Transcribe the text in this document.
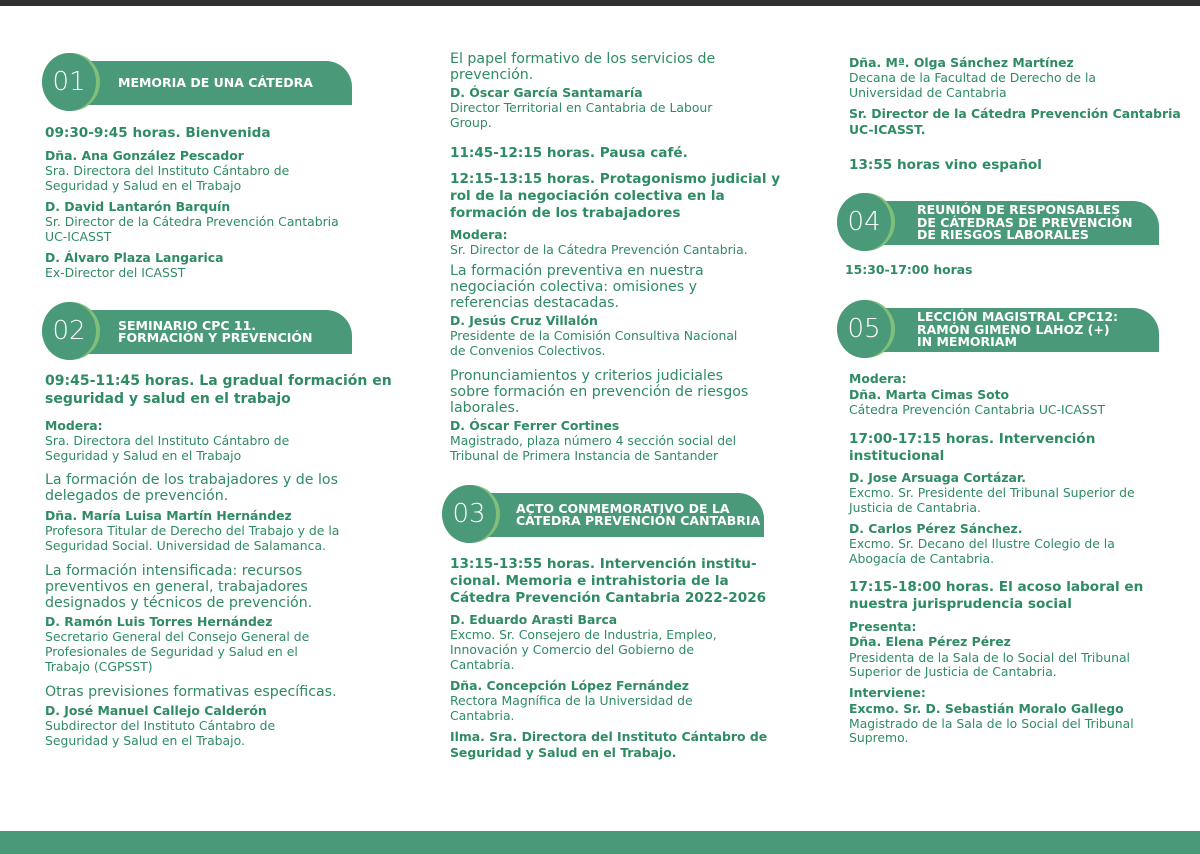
01	MEMORIA DE UNA CÁTEDRA
09:30-9:45 horas. Bienvenida
Dña. Ana González Pescador
Sra. Directora del Instituto Cántabro de
Seguridad y Salud en el Trabajo
D. David Lantarón Barquín
Sr. Director de la Cátedra Prevención Cantabria
UC-ICASST
D. Álvaro Plaza Langarica
Ex-Director del ICASST
02	SEMINARIO CPC 11.
FORMACIÓN Y PREVENCIÓN
09:45-11:45 horas. La gradual formación en
seguridad y salud en el trabajo
Modera:
Sra. Directora del Instituto Cántabro de
Seguridad y Salud en el Trabajo
La formación de los trabajadores y de los
delegados de prevención.
Dña. María Luisa Martín Hernández
Profesora Titular de Derecho del Trabajo y de la
Seguridad Social. Universidad de Salamanca.
La formación intensificada: recursos
preventivos en general, trabajadores
designados y técnicos de prevención.
D. Ramón Luis Torres Hernández
Secretario General del Consejo General de
Profesionales de Seguridad y Salud en el
Trabajo (CGPSST)
Otras previsiones formativas específicas.
D. José Manuel Callejo Calderón
Subdirector del Instituto Cántabro de
Seguridad y Salud en el Trabajo.
El papel formativo de los servicios de
prevención.
D. Óscar García Santamaría
Director Territorial en Cantabria de Labour
Group.
11:45-12:15 horas. Pausa café.
12:15-13:15 horas. Protagonismo judicial y
rol de la negociación colectiva en la
formación de los trabajadores
Modera:
Sr. Director de la Cátedra Prevención Cantabria.
La formación preventiva en nuestra
negociación colectiva: omisiones y
referencias destacadas.
D. Jesús Cruz Villalón
Presidente de la Comisión Consultiva Nacional
de Convenios Colectivos.
Pronunciamientos y criterios judiciales
sobre formación en prevención de riesgos
laborales.
D. Óscar Ferrer Cortines
Magistrado, plaza número 4 sección social del
Tribunal de Primera Instancia de Santander
03	ACTO CONMEMORATIVO DE LA
CÁTEDRA PREVENCIÓN CANTABRIA
13:15-13:55 horas. Intervención institu-
cional. Memoria e intrahistoria de la
Cátedra Prevención Cantabria 2022-2026
D. Eduardo Arasti Barca
Excmo. Sr. Consejero de Industria, Empleo,
Innovación y Comercio del Gobierno de
Cantabria.
Dña. Concepción López Fernández
Rectora Magnífica de la Universidad de
Cantabria.
Ilma. Sra. Directora del Instituto Cántabro de
Seguridad y Salud en el Trabajo.
Dña. Mª. Olga Sánchez Martínez
Decana de la Facultad de Derecho de la
Universidad de Cantabria
Sr. Director de la Cátedra Prevención Cantabria
UC-ICASST.
13:55 horas vino español
04	REUNIÓN DE RESPONSABLES
DE CÁTEDRAS DE PREVENCIÓN
DE RIESGOS LABORALES
15:30-17:00 horas
05	LECCIÓN MAGISTRAL CPC12:
RAMÓN GIMENO LAHOZ (+)
IN MEMORIAM
Modera:
Dña. Marta Cimas Soto
Cátedra Prevención Cantabria UC-ICASST
17:00-17:15 horas. Intervención
institucional
D. Jose Arsuaga Cortázar.
Excmo. Sr. Presidente del Tribunal Superior de
Justicia de Cantabria.
D. Carlos Pérez Sánchez.
Excmo. Sr. Decano del Ilustre Colegio de la
Abogacía de Cantabria.
17:15-18:00 horas. El acoso laboral en
nuestra jurisprudencia social
Presenta:
Dña. Elena Pérez Pérez
Presidenta de la Sala de lo Social del Tribunal
Superior de Justicia de Cantabria.
Interviene:
Excmo. Sr. D. Sebastián Moralo Gallego
Magistrado de la Sala de lo Social del Tribunal
Supremo.
